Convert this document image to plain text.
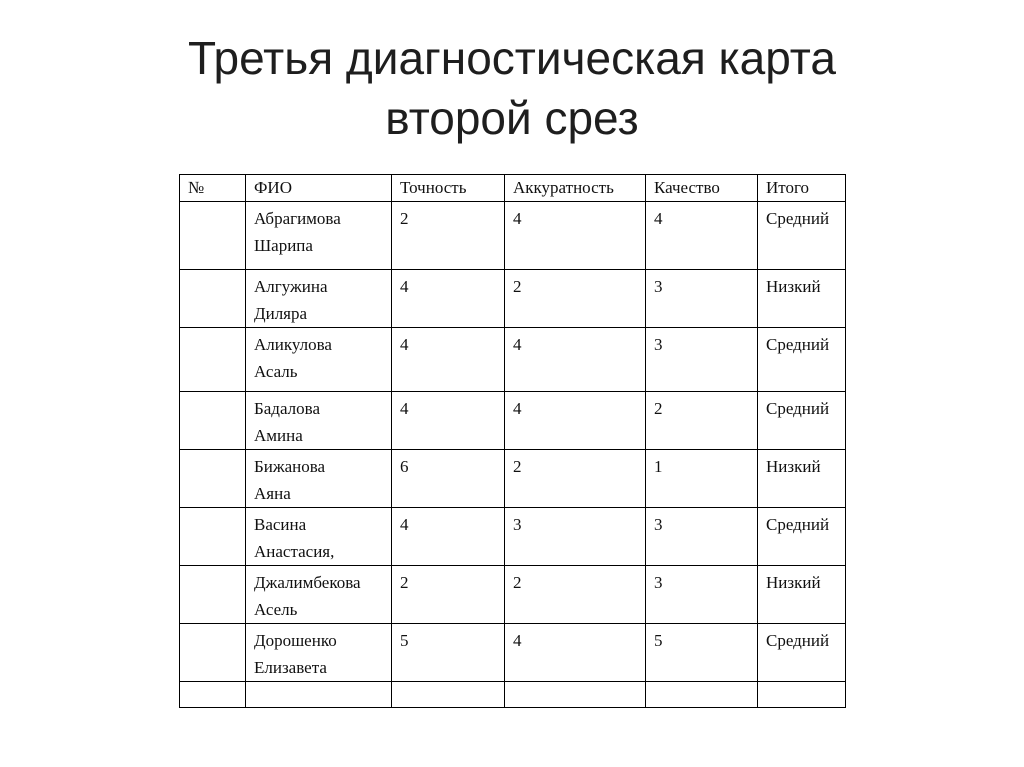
Третья диагностическая карта
второй срез
№	ФИО	Точность	Аккуратность	Качество	Итого

	Абрагимова
Шарипа	2	4	4	Средний

	Алгужина
Диляра	4	2	3	Низкий

	Аликулова
Асаль	4	4	3	Средний

	Бадалова
Амина	4	4	2	Средний

	Бижанова
Аяна	6	2	1	Низкий

	Васина
Анастасия,	4	3	3	Средний

	Джалимбекова
Асель	2	2	3	Низкий

	Дорошенко
Елизавета	5	4	5	Средний
